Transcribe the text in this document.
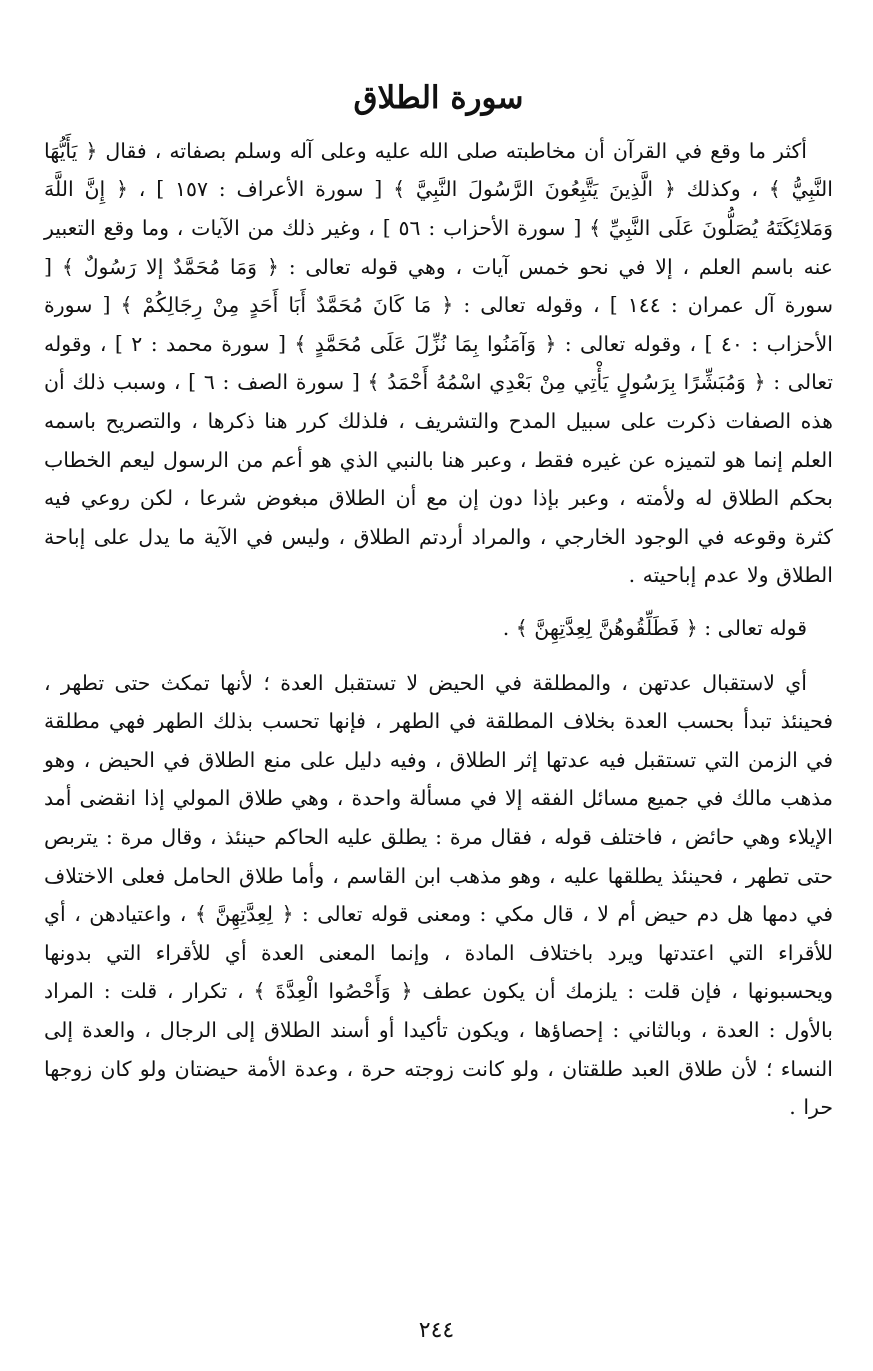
سورة الطلاق

أكثر ما وقع في القرآن أن مخاطبته صلى الله عليه وعلى آله وسلم بصفاته ، فقال ﴿ يَأَيُّهَا النَّبِيُّ ﴾ ، وكذلك ﴿ الَّذِينَ يَتَّبِعُونَ الرَّسُولَ النَّبِيَّ ﴾ [ سورة الأعراف : ١٥٧ ] ، ﴿ إِنَّ اللَّهَ وَمَلائِكَتَهُ يُصَلُّونَ عَلَى النَّبِيِّ ﴾ [ سورة الأحزاب : ٥٦ ] ، وغير ذلك من الآيات ، وما وقع التعبير عنه باسم العلم ، إلا في نحو خمس آيات ، وهي قوله تعالى : ﴿ وَمَا مُحَمَّدٌ إلا رَسُولٌ ﴾ [ سورة آل عمران : ١٤٤ ] ، وقوله تعالى : ﴿ مَا كَانَ مُحَمَّدٌ أَبَا أَحَدٍ مِنْ رِجَالِكُمْ ﴾ [ سورة الأحزاب : ٤٠ ] ، وقوله تعالى : ﴿ وَآمَنُوا بِمَا نُزِّلَ عَلَى مُحَمَّدٍ ﴾ [ سورة محمد : ٢ ] ، وقوله تعالى : ﴿ وَمُبَشِّرًا بِرَسُولٍ يَأْتِي مِنْ بَعْدِي اسْمُهُ أَحْمَدُ ﴾ [ سورة الصف : ٦ ] ، وسبب ذلك أن هذه الصفات ذكرت على سبيل المدح والتشريف ، فلذلك كرر هنا ذكرها ، والتصريح باسمه العلم إنما هو لتميزه عن غيره فقط ، وعبر هنا بالنبي الذي هو أعم من الرسول ليعم الخطاب بحكم الطلاق له ولأمته ، وعبر بإذا دون إن مع أن الطلاق مبغوض شرعا ، لكن روعي فيه كثرة وقوعه في الوجود الخارجي ، والمراد أردتم الطلاق ، وليس في الآية ما يدل على إباحة الطلاق ولا عدم إباحيته .

قوله تعالى : ﴿ فَطَلِّقُوهُنَّ لِعِدَّتِهِنَّ ﴾ .

أي لاستقبال عدتهن ، والمطلقة في الحيض لا تستقبل العدة ؛ لأنها تمكث حتى تطهر ، فحينئذ تبدأ بحسب العدة بخلاف المطلقة في الطهر ، فإنها تحسب بذلك الطهر فهي مطلقة في الزمن التي تستقبل فيه عدتها إثر الطلاق ، وفيه دليل على منع الطلاق في الحيض ، وهو مذهب مالك في جميع مسائل الفقه إلا في مسألة واحدة ، وهي طلاق المولي إذا انقضى أمد الإيلاء وهي حائض ، فاختلف قوله ، فقال مرة : يطلق عليه الحاكم حينئذ ، وقال مرة : يتربص حتى تطهر ، فحينئذ يطلقها عليه ، وهو مذهب ابن القاسم ، وأما طلاق الحامل فعلى الاختلاف في دمها هل دم حيض أم لا ، قال مكي : ومعنى قوله تعالى : ﴿ لِعِدَّتِهِنَّ ﴾ ، واعتيادهن ، أي للأقراء التي اعتدتها ويرد باختلاف المادة ، وإنما المعنى العدة أي للأقراء التي بدونها ويحسبونها ، فإن قلت : يلزمك أن يكون عطف ﴿ وَأَحْصُوا الْعِدَّةَ ﴾ ، تكرار ، قلت : المراد بالأول : العدة ، وبالثاني : إحصاؤها ، ويكون تأكيدا أو أسند الطلاق إلى الرجال ، والعدة إلى النساء ؛ لأن طلاق العبد طلقتان ، ولو كانت زوجته حرة ، وعدة الأمة حيضتان ولو كان زوجها حرا .

٢٤٤
